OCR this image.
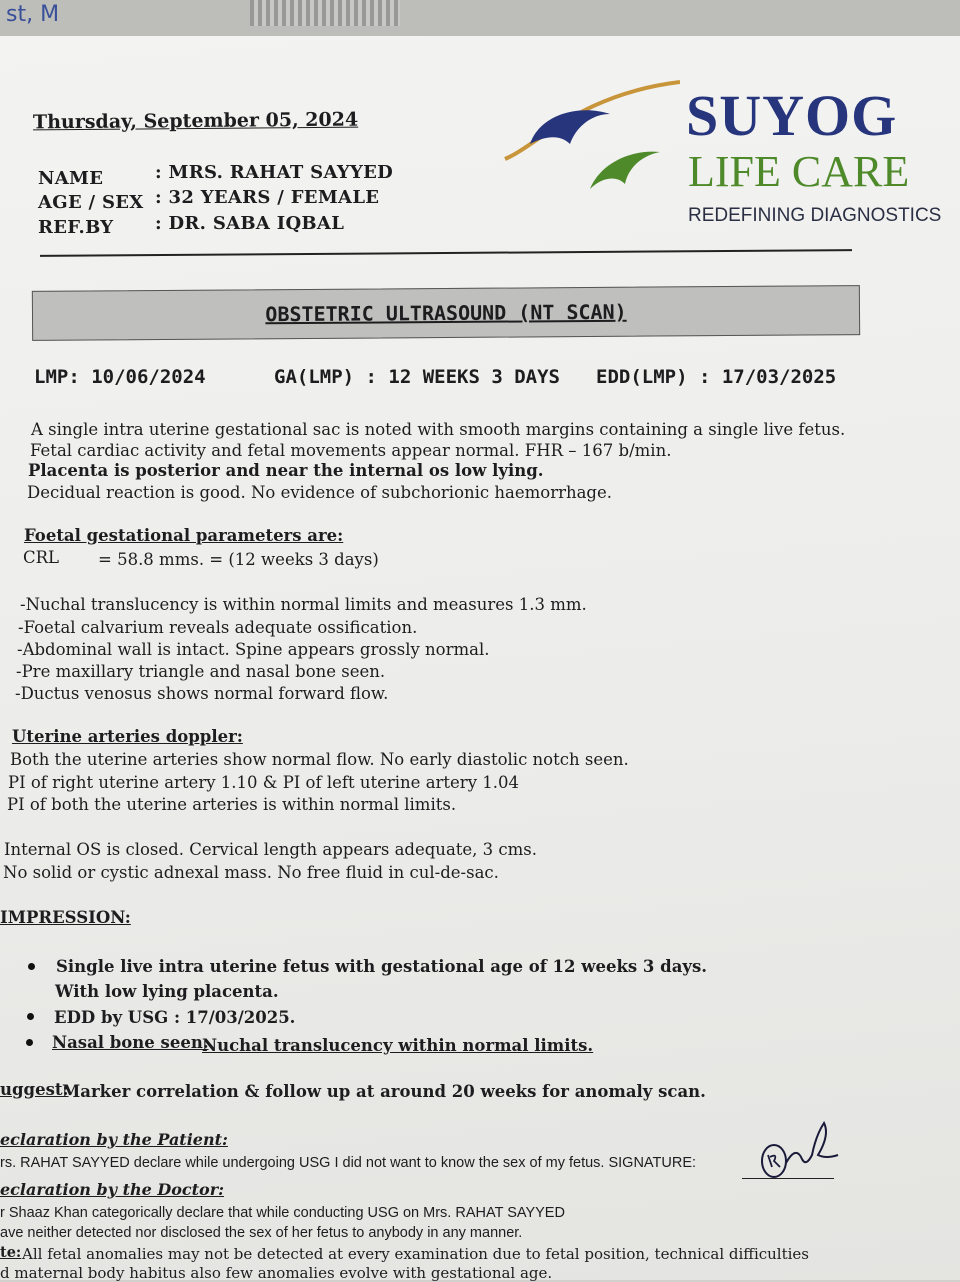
st, M
Thursday, September 05, 2024
NAME	: MRS. RAHAT SAYYED
AGE / SEX : 32 YEARS / FEMALE
REF.BY : DR. SABA IQBAL
SUYOG
LIFE CARE
REDEFINING DIAGNOSTICS
OBSTETRIC ULTRASOUND (NT SCAN)
LMP: 10/06/2024	GA(LMP) : 12 WEEKS 3 DAYS EDD(LMP) : 17/03/2025
A single intra uterine gestational sac is noted with smooth margins containing a single live fetus.
Fetal cardiac activity and fetal movements appear normal. FHR – 167 b/min.
Placenta is posterior and near the internal os low lying.
Decidual reaction is good. No evidence of subchorionic haemorrhage.
Foetal gestational parameters are:
CRL = 58.8 mms. = (12 weeks 3 days)
-Nuchal translucency is within normal limits and measures 1.3 mm.
-Foetal calvarium reveals adequate ossification.
-Abdominal wall is intact. Spine appears grossly normal.
-Pre maxillary triangle and nasal bone seen.
-Ductus venosus shows normal forward flow.
Uterine arteries doppler:
Both the uterine arteries show normal flow. No early diastolic notch seen.
PI of right uterine artery 1.10 & PI of left uterine artery 1.04
PI of both the uterine arteries is within normal limits.
Internal OS is closed. Cervical length appears adequate, 3 cms.
No solid or cystic adnexal mass. No free fluid in cul-de-sac.
IMPRESSION:
Single live intra uterine fetus with gestational age of 12 weeks 3 days.
With low lying placenta.
EDD by USG : 17/03/2025.
Nasal bone seen.
Nuchal translucency within normal limits.
uggest:
Marker correlation & follow up at around 20 weeks for anomaly scan.
eclaration by the Patient:
rs. RAHAT SAYYED declare while undergoing USG I did not want to know the sex of my fetus. SIGNATURE:
eclaration by the Doctor:
r Shaaz Khan categorically declare that while conducting USG on Mrs. RAHAT SAYYED
ave neither detected nor disclosed the sex of her fetus to anybody in any manner.
te: All fetal anomalies may not be detected at every examination due to fetal position, technical difficulties
d maternal body habitus also few anomalies evolve with gestational age.
